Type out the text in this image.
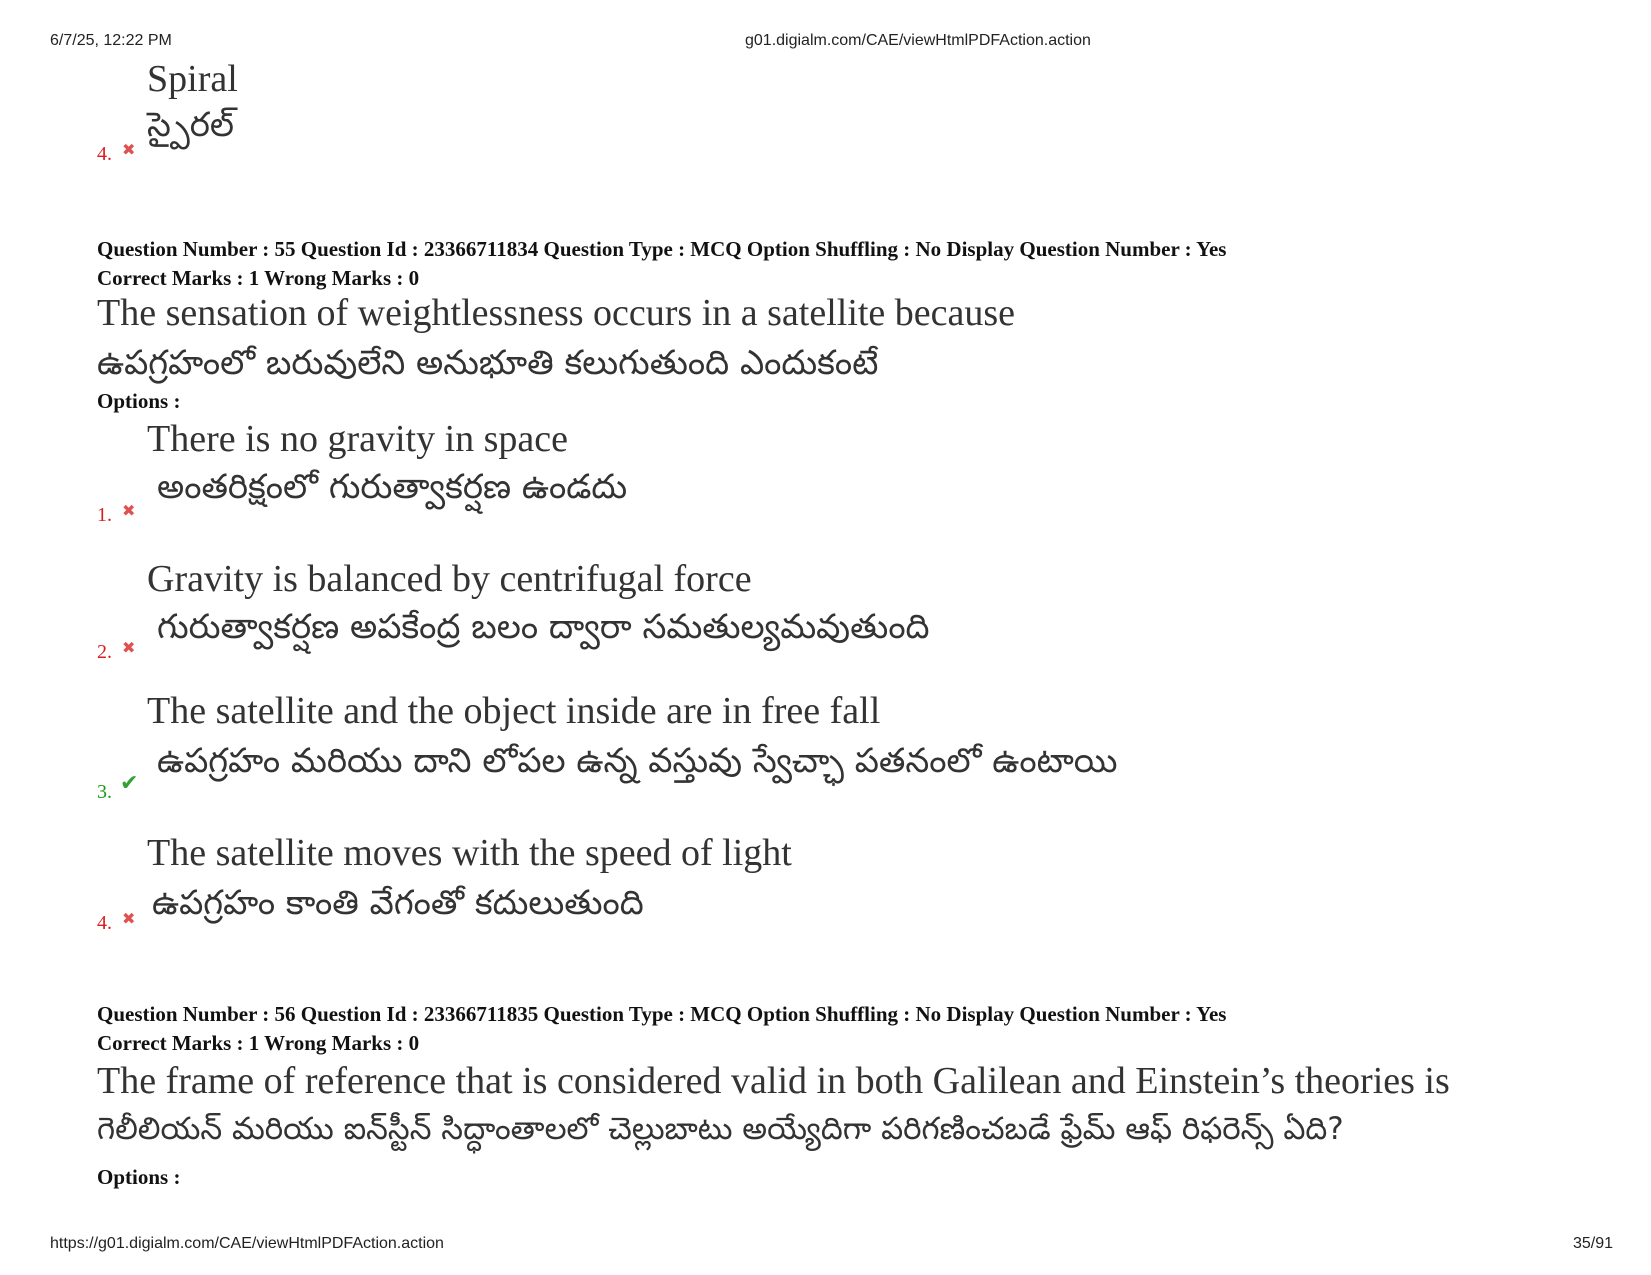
6/7/25, 12:22 PM	g01.digialm.com/CAE/viewHtmlPDFAction.action
Spiral
స్పైరల్
4. ✖
Question Number : 55 Question Id : 23366711834 Question Type : MCQ Option Shuffling : No Display Question Number : Yes
Correct Marks : 1 Wrong Marks : 0
The sensation of weightlessness occurs in a satellite because
ఉపగ్రహంలో బరువులేని అనుభూతి కలుగుతుంది ఎందుకంటే
Options :
There is no gravity in space
అంతరిక్షంలో గురుత్వాకర్షణ ఉండదు
1. ✖
Gravity is balanced by centrifugal force
గురుత్వాకర్షణ అపకేంద్ర బలం ద్వారా సమతుల్యమవుతుంది
2. ✖
The satellite and the object inside are in free fall
ఉపగ్రహం మరియు దాని లోపల ఉన్న వస్తువు స్వేచ్ఛా పతనంలో ఉంటాయి
3. ✔
The satellite moves with the speed of light
ఉపగ్రహం కాంతి వేగంతో కదులుతుంది
4. ✖
Question Number : 56 Question Id : 23366711835 Question Type : MCQ Option Shuffling : No Display Question Number : Yes
Correct Marks : 1 Wrong Marks : 0
The frame of reference that is considered valid in both Galilean and Einstein’s theories is
గెలీలియన్ మరియు ఐన్‌స్టీన్ సిద్ధాంతాలలో చెల్లుబాటు అయ్యేదిగా పరిగణించబడే ఫ్రేమ్ ఆఫ్ రిఫరెన్స్ ఏది?
Options :
https://g01.digialm.com/CAE/viewHtmlPDFAction.action	35/91
